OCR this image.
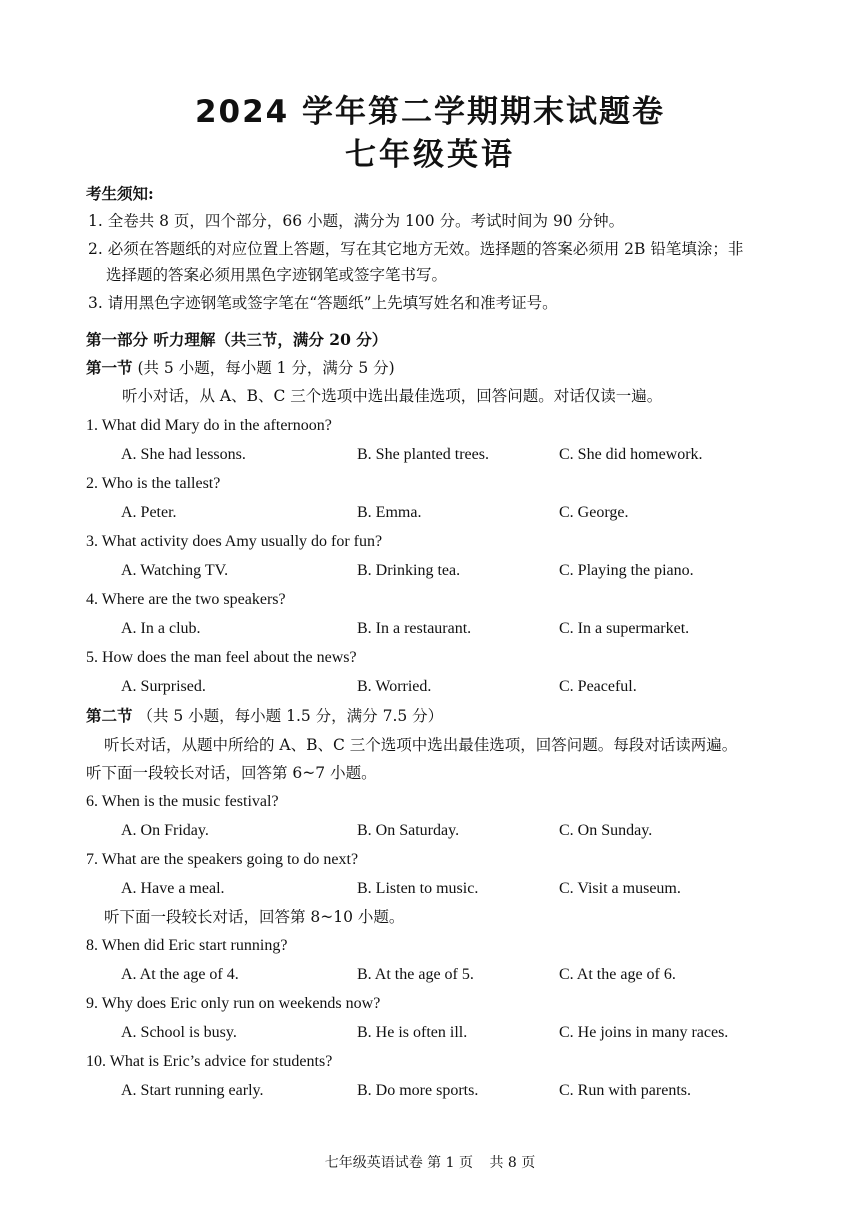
2024 学年第二学期期末试题卷
七年级英语
考生须知:
1. 全卷共 8 页，四个部分，66 小题，满分为 100 分。考试时间为 90 分钟。
2. 必须在答题纸的对应位置上答题，写在其它地方无效。选择题的答案必须用 2B 铅笔填涂；非
选择题的答案必须用黑色字迹钢笔或签字笔书写。
3. 请用黑色字迹钢笔或签字笔在“答题纸”上先填写姓名和准考证号。
第一部分 听力理解（共三节，满分 20 分）
第一节 (共 5 小题，每小题 1 分，满分 5 分)
听小对话，从 A、B、C 三个选项中选出最佳选项，回答问题。对话仅读一遍。
1. What did Mary do in the afternoon?
A. She had lessons.	B. She planted trees.	C. She did homework.
2. Who is the tallest?
A. Peter.	B. Emma.	C. George.
3. What activity does Amy usually do for fun?
A. Watching TV.	B. Drinking tea.	C. Playing the piano.
4. Where are the two speakers?
A. In a club.	B. In a restaurant.	C. In a supermarket.
5. How does the man feel about the news?
A. Surprised.	B. Worried.	C. Peaceful.
第二节 （共 5 小题，每小题 1.5 分，满分 7.5 分）
听长对话，从题中所给的 A、B、C 三个选项中选出最佳选项，回答问题。每段对话读两遍。
听下面一段较长对话，回答第 6~7 小题。
6. When is the music festival?
A. On Friday.	B. On Saturday.	C. On Sunday.
7. What are the speakers going to do next?
A. Have a meal.	B. Listen to music.	C. Visit a museum.
听下面一段较长对话，回答第 8~10 小题。
8. When did Eric start running?
A. At the age of 4.	B. At the age of 5.	C. At the age of 6.
9. Why does Eric only run on weekends now?
A. School is busy.	B. He is often ill.	C. He joins in many races.
10. What is Eric’s advice for students?
A. Start running early.	B. Do more sports.	C. Run with parents.
七年级英语试卷 第 1 页 共 8 页
